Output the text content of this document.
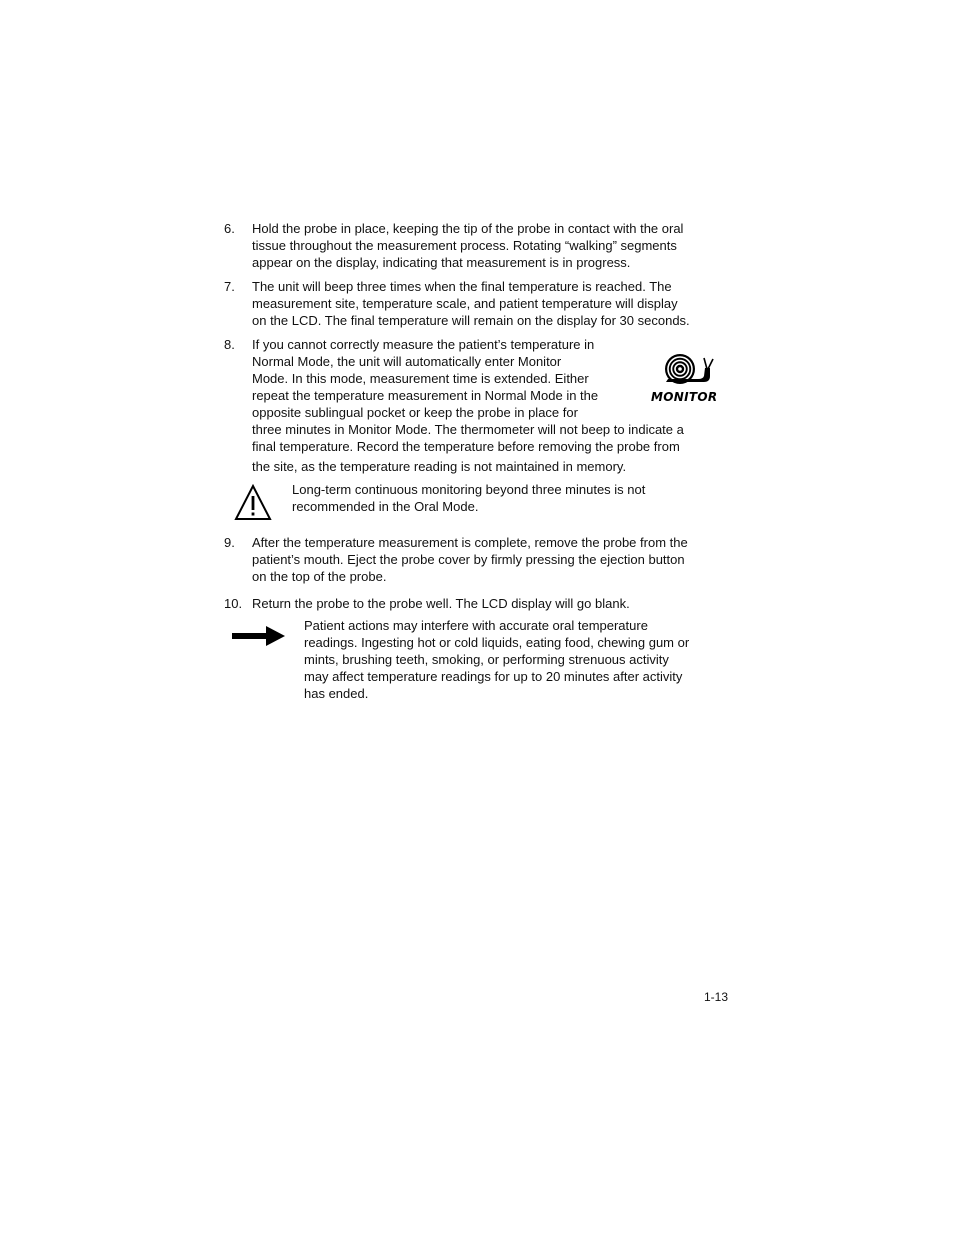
6.	Hold the probe in place, keeping the tip of the probe in contact with the oral
tissue throughout the measurement process. Rotating “walking” segments
appear on the display, indicating that measurement is in progress.
7.	The unit will beep three times when the final temperature is reached. The
measurement site, temperature scale, and patient temperature will display
on the LCD. The final temperature will remain on the display for 30 seconds.
8.	If you cannot correctly measure the patient’s temperature in
Normal Mode, the unit will automatically enter Monitor
Mode. In this mode, measurement time is extended. Either
repeat the temperature measurement in Normal Mode in the
opposite sublingual pocket or keep the probe in place for
three minutes in Monitor Mode. The thermometer will not beep to indicate a
final temperature. Record the temperature before removing the probe from
the site, as the temperature reading is not maintained in memory.
MONITOR
Long-term continuous monitoring beyond three minutes is not
recommended in the Oral Mode.
9.	After the temperature measurement is complete, remove the probe from the
patient’s mouth. Eject the probe cover by firmly pressing the ejection button
on the top of the probe.
10. Return the probe to the probe well. The LCD display will go blank.
Patient actions may interfere with accurate oral temperature
readings. Ingesting hot or cold liquids, eating food, chewing gum or
mints, brushing teeth, smoking, or performing strenuous activity
may affect temperature readings for up to 20 minutes after activity
has ended.
1-13
